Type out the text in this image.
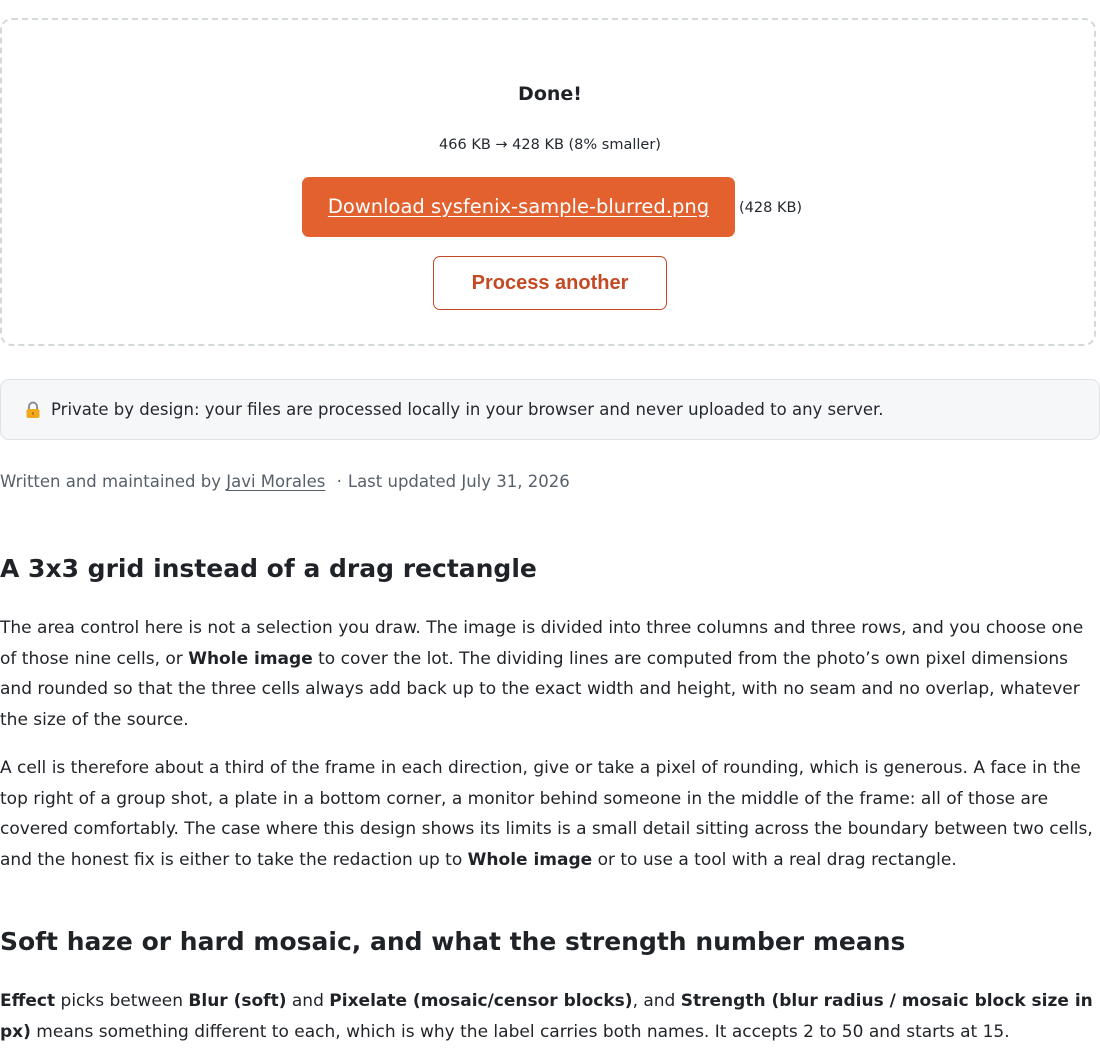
Done!
466 KB → 428 KB (8% smaller)
Download sysfenix-sample-blurred.png	(428 KB)
Process another
Private by design: your files are processed locally in your browser and never uploaded to any server.
Written and maintained by Javi Morales · Last updated July 31, 2026
A 3x3 grid instead of a drag rectangle

The area control here is not a selection you draw. The image is divided into three columns and three rows, and you choose one of those nine cells, or Whole image to cover the lot. The dividing lines are computed from the photo’s own pixel dimensions and rounded so that the three cells always add back up to the exact width and height, with no seam and no overlap, whatever the size of the source.

A cell is therefore about a third of the frame in each direction, give or take a pixel of rounding, which is generous. A face in the top right of a group shot, a plate in a bottom corner, a monitor behind someone in the middle of the frame: all of those are covered comfortably. The case where this design shows its limits is a small detail sitting across the boundary between two cells, and the honest fix is either to take the redaction up to Whole image or to use a tool with a real drag rectangle.

Soft haze or hard mosaic, and what the strength number means

Effect picks between Blur (soft) and Pixelate (mosaic/censor blocks), and Strength (blur radius / mosaic block size in px) means something different to each, which is why the label carries both names. It accepts 2 to 50 and starts at 15.
